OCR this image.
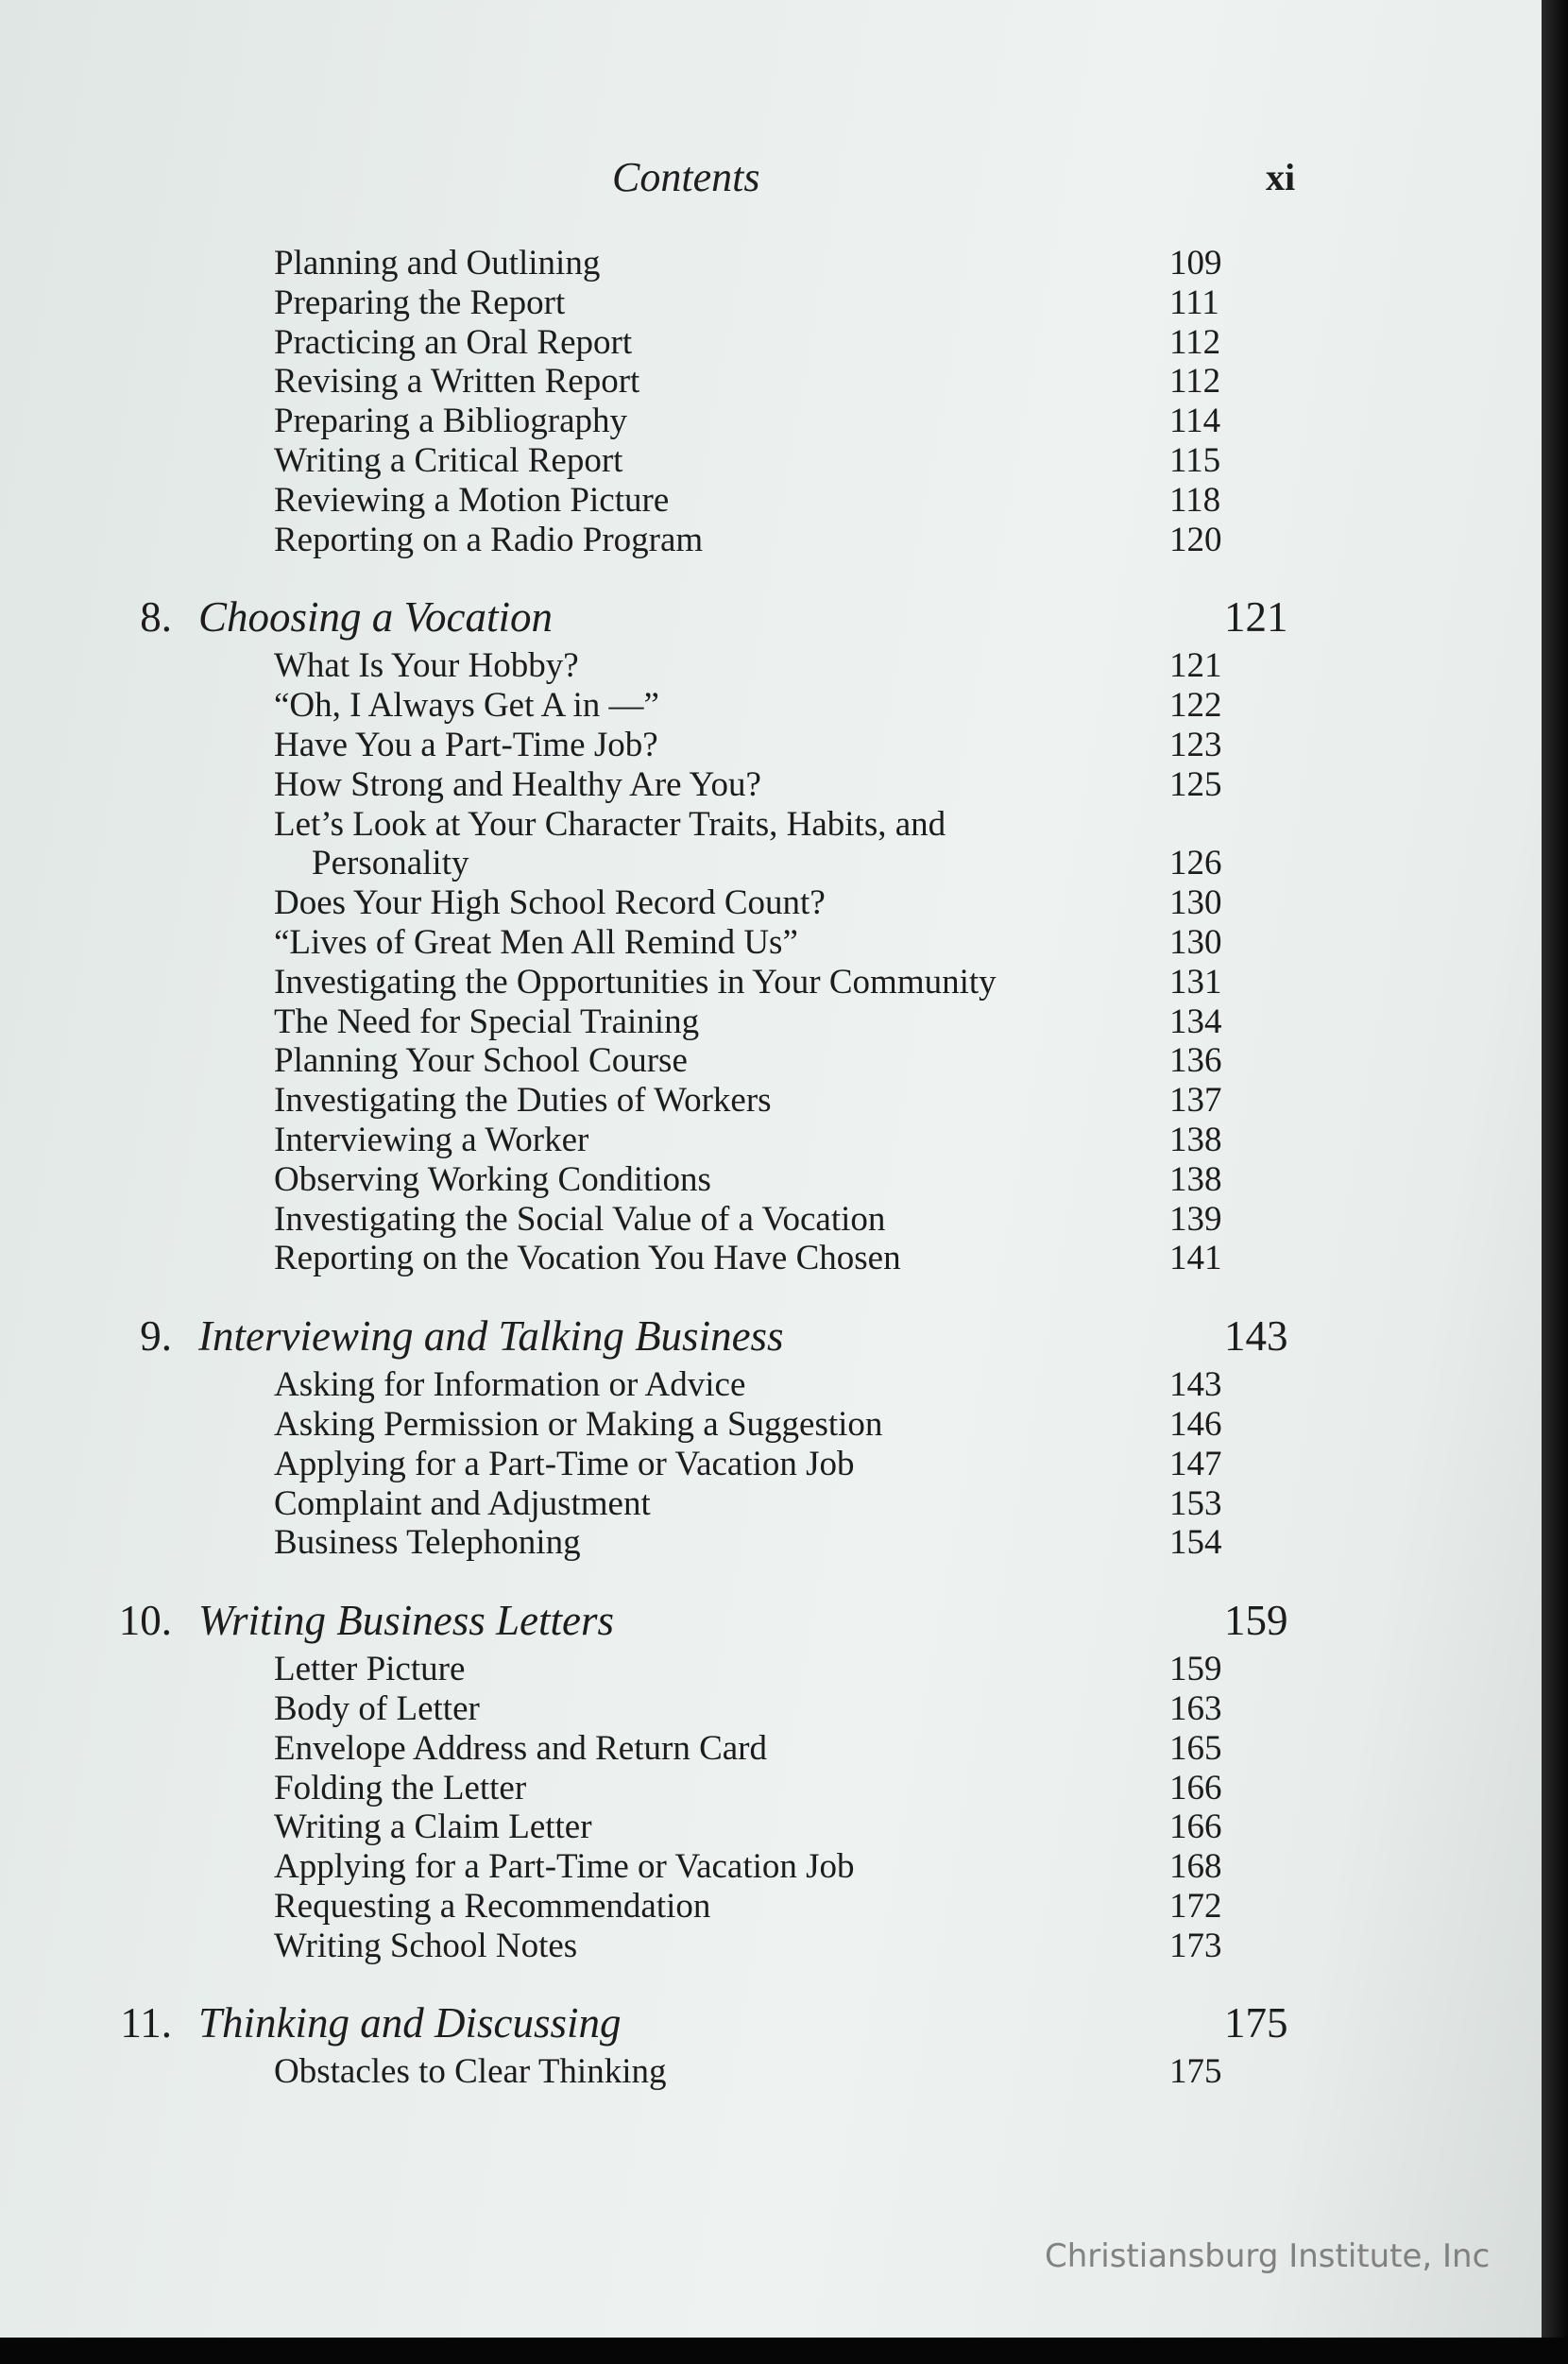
Contents	xi
Planning and Outlining	109
Preparing the Report	111
Practicing an Oral Report	112
Revising a Written Report	112
Preparing a Bibliography	114
Writing a Critical Report	115
Reviewing a Motion Picture	118
Reporting on a Radio Program	120
8. Choosing a Vocation	121
What Is Your Hobby?	121
“Oh, I Always Get A in —”	122
Have You a Part-Time Job?	123
How Strong and Healthy Are You?	125
Let’s Look at Your Character Traits, Habits, and
Personality	126
Does Your High School Record Count?	130
“Lives of Great Men All Remind Us”	130
Investigating the Opportunities in Your Community	131
The Need for Special Training	134
Planning Your School Course	136
Investigating the Duties of Workers	137
Interviewing a Worker	138
Observing Working Conditions	138
Investigating the Social Value of a Vocation	139
Reporting on the Vocation You Have Chosen	141
9. Interviewing and Talking Business	143
Asking for Information or Advice	143
Asking Permission or Making a Suggestion	146
Applying for a Part-Time or Vacation Job	147
Complaint and Adjustment	153
Business Telephoning	154
10. Writing Business Letters	159
Letter Picture	159
Body of Letter	163
Envelope Address and Return Card	165
Folding the Letter	166
Writing a Claim Letter	166
Applying for a Part-Time or Vacation Job	168
Requesting a Recommendation	172
Writing School Notes	173
11. Thinking and Discussing	175
Obstacles to Clear Thinking	175
Christiansburg Institute, Inc
